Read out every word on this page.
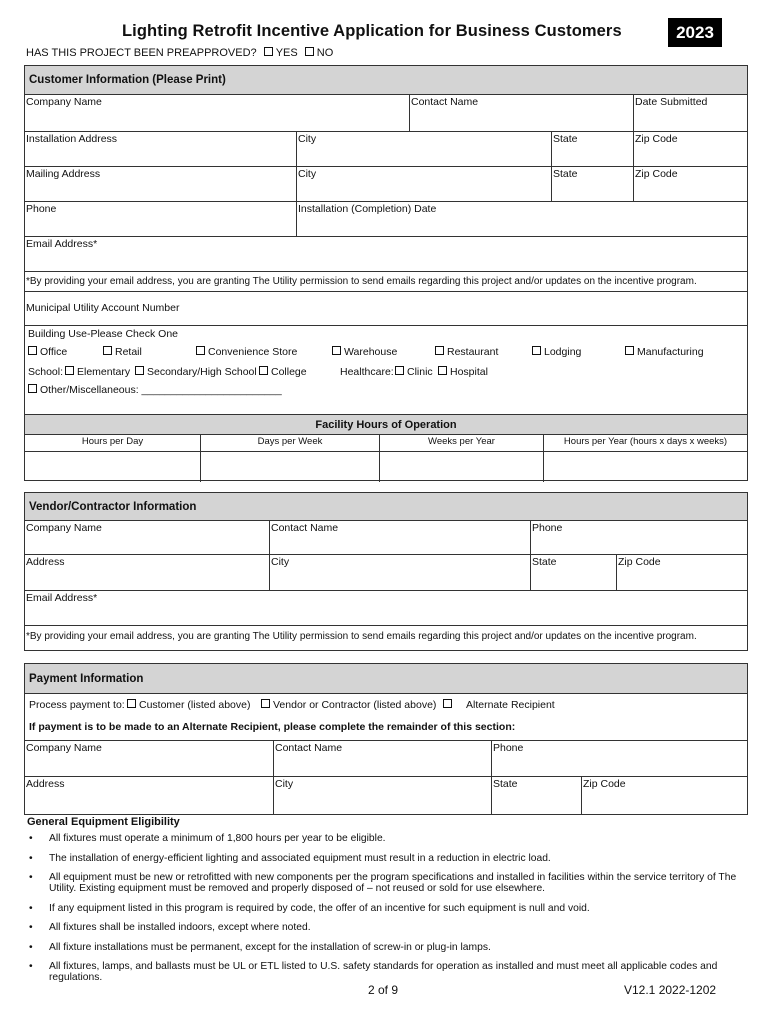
Lighting Retrofit Incentive Application for Business Customers	2023
HAS THIS PROJECT BEEN PREAPPROVED? YES NO
Customer Information (Please Print)
Company Name	Contact Name	Date Submitted
Installation Address	City	State	Zip Code
Mailing Address	City	State	Zip Code
Phone	Installation (Completion) Date
Email Address*
*By providing your email address, you are granting The Utility permission to send emails regarding this project and/or updates on the incentive program.
Municipal Utility Account Number
Building Use-Please Check One
Office	Retail	Convenience Store	Warehouse	Restaurant	Lodging	Manufacturing
School:	Elementary	Secondary/High School	College	Healthcare:	Clinic	Hospital
Other/Miscellaneous: ________________________
Facility Hours of Operation
Hours per Day	Days per Week	Weeks per Year	Hours per Year (hours x days x weeks)
Vendor/Contractor Information
Company Name	Contact Name	Phone
Address	City	State	Zip Code
Email Address*
*By providing your email address, you are granting The Utility permission to send emails regarding this project and/or updates on the incentive program.
Payment Information
Process payment to:	Customer (listed above)	Vendor or Contractor (listed above)	Alternate Recipient
If payment is to be made to an Alternate Recipient, please complete the remainder of this section:
Company Name	Contact Name	Phone
Address	City	State	Zip Code
General Equipment Eligibility
• All fixtures must operate a minimum of 1,800 hours per year to be eligible.
• The installation of energy-efficient lighting and associated equipment must result in a reduction in electric load.
• All equipment must be new or retrofitted with new components per the program specifications and installed in facilities within the service territory of The Utility. Existing equipment must be removed and properly disposed of – not reused or sold for use elsewhere.
• If any equipment listed in this program is required by code, the offer of an incentive for such equipment is null and void.
• All fixtures shall be installed indoors, except where noted.
• All fixture installations must be permanent, except for the installation of screw-in or plug-in lamps.
• All fixtures, lamps, and ballasts must be UL or ETL listed to U.S. safety standards for operation as installed and must meet all applicable codes and regulations.
2 of 9	V12.1 2022-1202
